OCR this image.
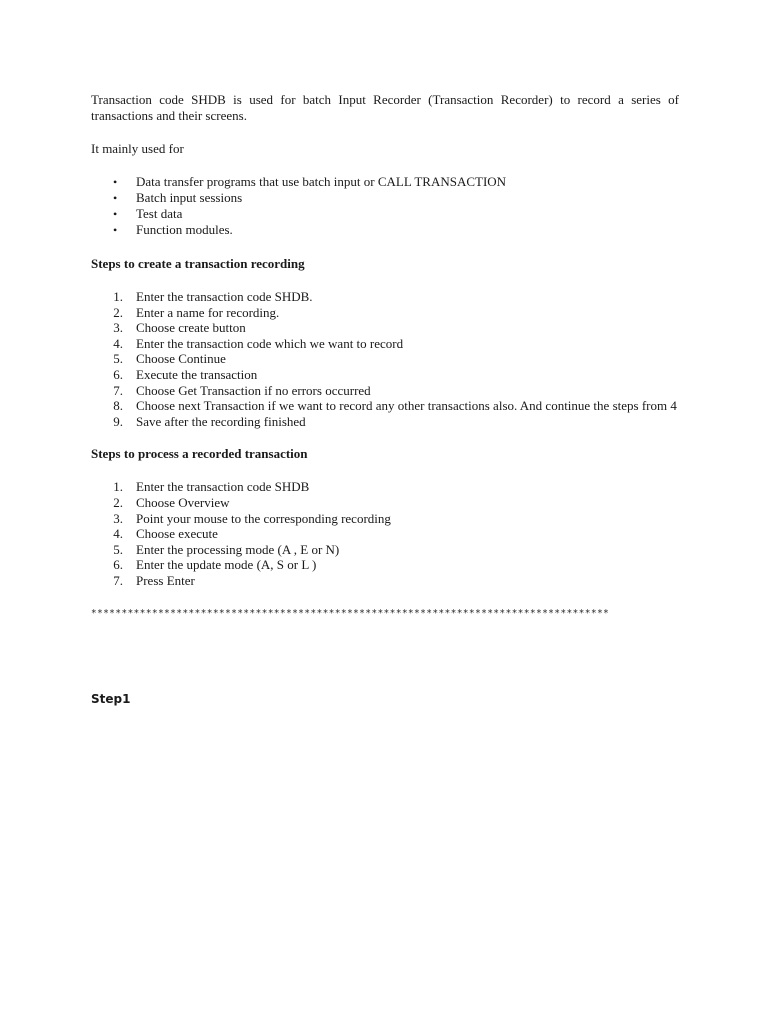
Transaction code SHDB is used for batch Input Recorder (Transaction Recorder) to record a series of transactions and their screens.

It mainly used for

• Data transfer programs that use batch input or CALL TRANSACTION
• Batch input sessions
• Test data
• Function modules.
Steps to create a transaction recording
1. Enter the transaction code SHDB.
2. Enter a name for recording.
3. Choose create button
4. Enter the transaction code which we want to record
5. Choose Continue
6. Execute the transaction
7. Choose Get Transaction if no errors occurred
8. Choose next Transaction if we want to record any other transactions also. And continue the steps from 4
9. Save after the recording finished
Steps to process a recorded transaction
1. Enter the transaction code SHDB
2. Choose Overview
3. Point your mouse to the corresponding recording
4. Choose execute
5. Enter the processing mode (A , E or N)
6. Enter the update mode (A, S or L )
7. Press Enter

*************************************************************************************

Step1
